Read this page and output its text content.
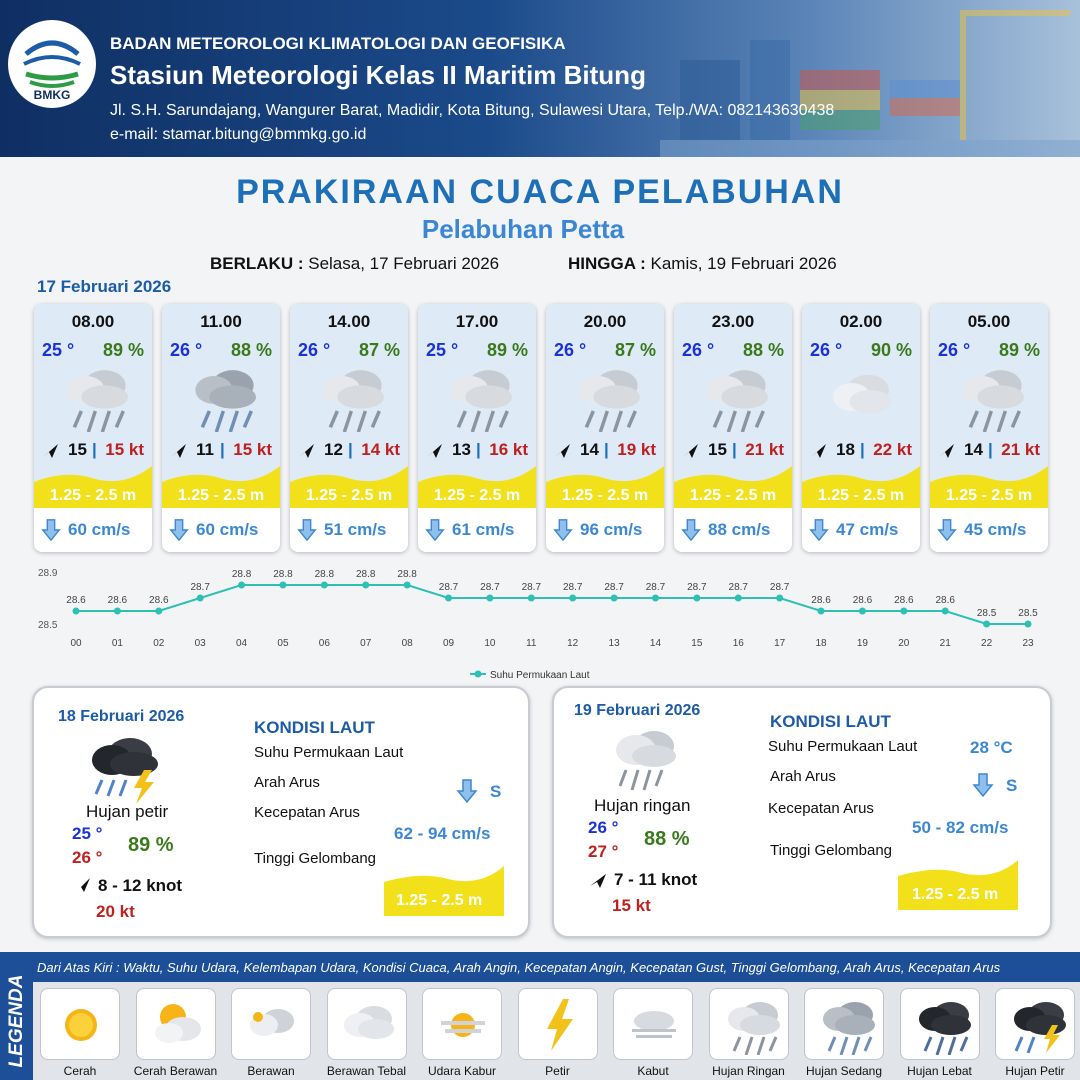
BMKG
BADAN METEOROLOGI KLIMATOLOGI DAN GEOFISIKA
Stasiun Meteorologi Kelas II Maritim Bitung
Jl. S.H. Sarundajang, Wangurer Barat, Madidir, Kota Bitung, Sulawesi Utara, Telp./WA: 082143630438
e-mail: stamar.bitung@bmmkg.go.id
PRAKIRAAN CUACA PELABUHAN
Pelabuhan Petta
BERLAKU : Selasa, 17 Februari 2026	HINGGA : Kamis, 19 Februari 2026
17 Februari 2026
08.00
25 ° 89 %
15 | 15 kt
1.25 - 2.5 m
60 cm/s
11.00
26 ° 88 %
11 | 15 kt
1.25 - 2.5 m
60 cm/s
14.00
26 ° 87 %
12 | 14 kt
1.25 - 2.5 m
51 cm/s
17.00
25 ° 89 %
13 | 16 kt
1.25 - 2.5 m
61 cm/s
20.00
26 ° 87 %
14 | 19 kt
1.25 - 2.5 m
96 cm/s
23.00
26 ° 88 %
15 | 21 kt
1.25 - 2.5 m
88 cm/s
02.00
26 ° 90 %
18 | 22 kt
1.25 - 2.5 m
47 cm/s
05.00
26 ° 89 %
14 | 21 kt
1.25 - 2.5 m
45 cm/s
28.9
28.5
28.6
00
28.6
01
28.6
02
28.7
03
28.8
04
28.8
05
28.8
06
28.8
07
28.8
08
28.7
09
28.7
10
28.7
11
28.7
12
28.7
13
28.7
14
28.7
15
28.7
16
28.7
17
28.6
18
28.6
19
28.6
20
28.6
21
28.5
22
28.5
23
Suhu Permukaan Laut
18 Februari 2026
Hujan petir
25 °
26 °
89 %
8 - 12 knot
20 kt
KONDISI LAUT
Suhu Permukaan Laut
Arah Arus	S
Kecepatan Arus
62 - 94 cm/s
Tinggi Gelombang
1.25 - 2.5 m
19 Februari 2026
Hujan ringan
26 °
27 °
88 %
7 - 11 knot
15 kt
KONDISI LAUT
Suhu Permukaan Laut	28 °C
Arah Arus	S
Kecepatan Arus
50 - 82 cm/s
Tinggi Gelombang
1.25 - 2.5 m
LEGENDA
Dari Atas Kiri : Waktu, Suhu Udara, Kelembapan Udara, Kondisi Cuaca, Arah Angin, Kecepatan Angin, Kecepatan Gust, Tinggi Gelombang, Arah Arus, Kecepatan Arus
Cerah	Cerah Berawan	Berawan	Berawan Tebal	Udara Kabur	Petir	Kabut	Hujan Ringan	Hujan Sedang	Hujan Lebat	Hujan Petir
